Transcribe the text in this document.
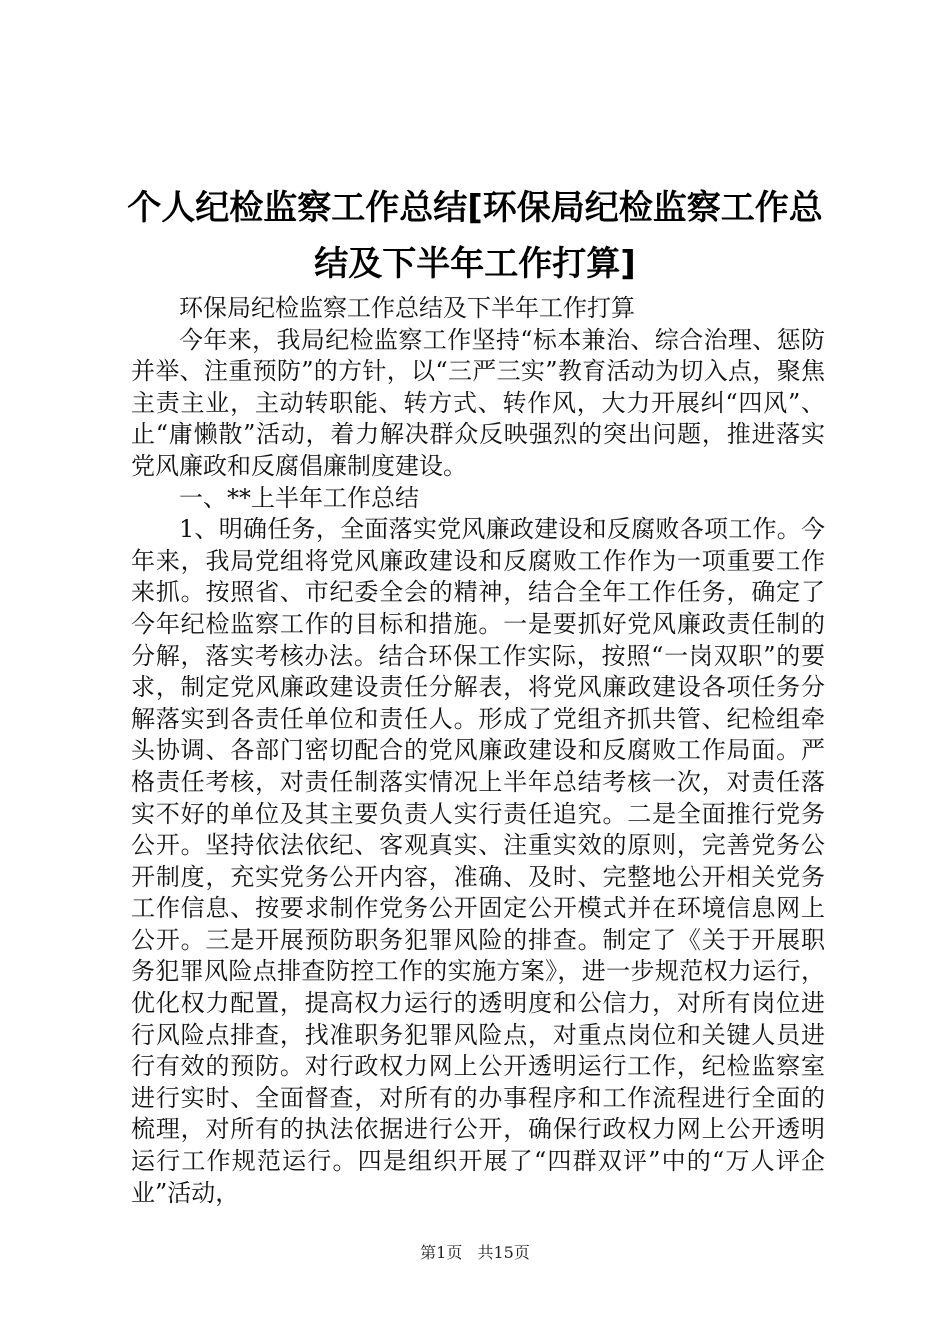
个人纪检监察工作总结[环保局纪检监察工作总结及下半年工作打算]

环保局纪检监察工作总结及下半年工作打算

今年来，我局纪检监察工作坚持“标本兼治、综合治理、惩防并举、注重预防”的方针，以“三严三实”教育活动为切入点，聚焦主责主业，主动转职能、转方式、转作风，大力开展纠“四风”、止“庸懒散”活动，着力解决群众反映强烈的突出问题，推进落实党风廉政和反腐倡廉制度建设。

一、**上半年工作总结

1、明确任务，全面落实党风廉政建设和反腐败各项工作。今年来，我局党组将党风廉政建设和反腐败工作作为一项重要工作来抓。按照省、市纪委全会的精神，结合全年工作任务，确定了今年纪检监察工作的目标和措施。一是要抓好党风廉政责任制的分解，落实考核办法。结合环保工作实际，按照“一岗双职”的要求，制定党风廉政建设责任分解表，将党风廉政建设各项任务分解落实到各责任单位和责任人。形成了党组齐抓共管、纪检组牵头协调、各部门密切配合的党风廉政建设和反腐败工作局面。严格责任考核，对责任制落实情况上半年总结考核一次，对责任落实不好的单位及其主要负责人实行责任追究。二是全面推行党务公开。坚持依法依纪、客观真实、注重实效的原则，完善党务公开制度，充实党务公开内容，准确、及时、完整地公开相关党务工作信息、按要求制作党务公开固定公开模式并在环境信息网上公开。三是开展预防职务犯罪风险的排查。制定了《关于开展职务犯罪风险点排查防控工作的实施方案》，进一步规范权力运行，优化权力配置，提高权力运行的透明度和公信力，对所有岗位进行风险点排查，找准职务犯罪风险点，对重点岗位和关键人员进行有效的预防。对行政权力网上公开透明运行工作，纪检监察室进行实时、全面督查，对所有的办事程序和工作流程进行全面的梳理，对所有的执法依据进行公开，确保行政权力网上公开透明运行工作规范运行。四是组织开展了“四群双评”中的“万人评企业”活动，

第1页 共15页
